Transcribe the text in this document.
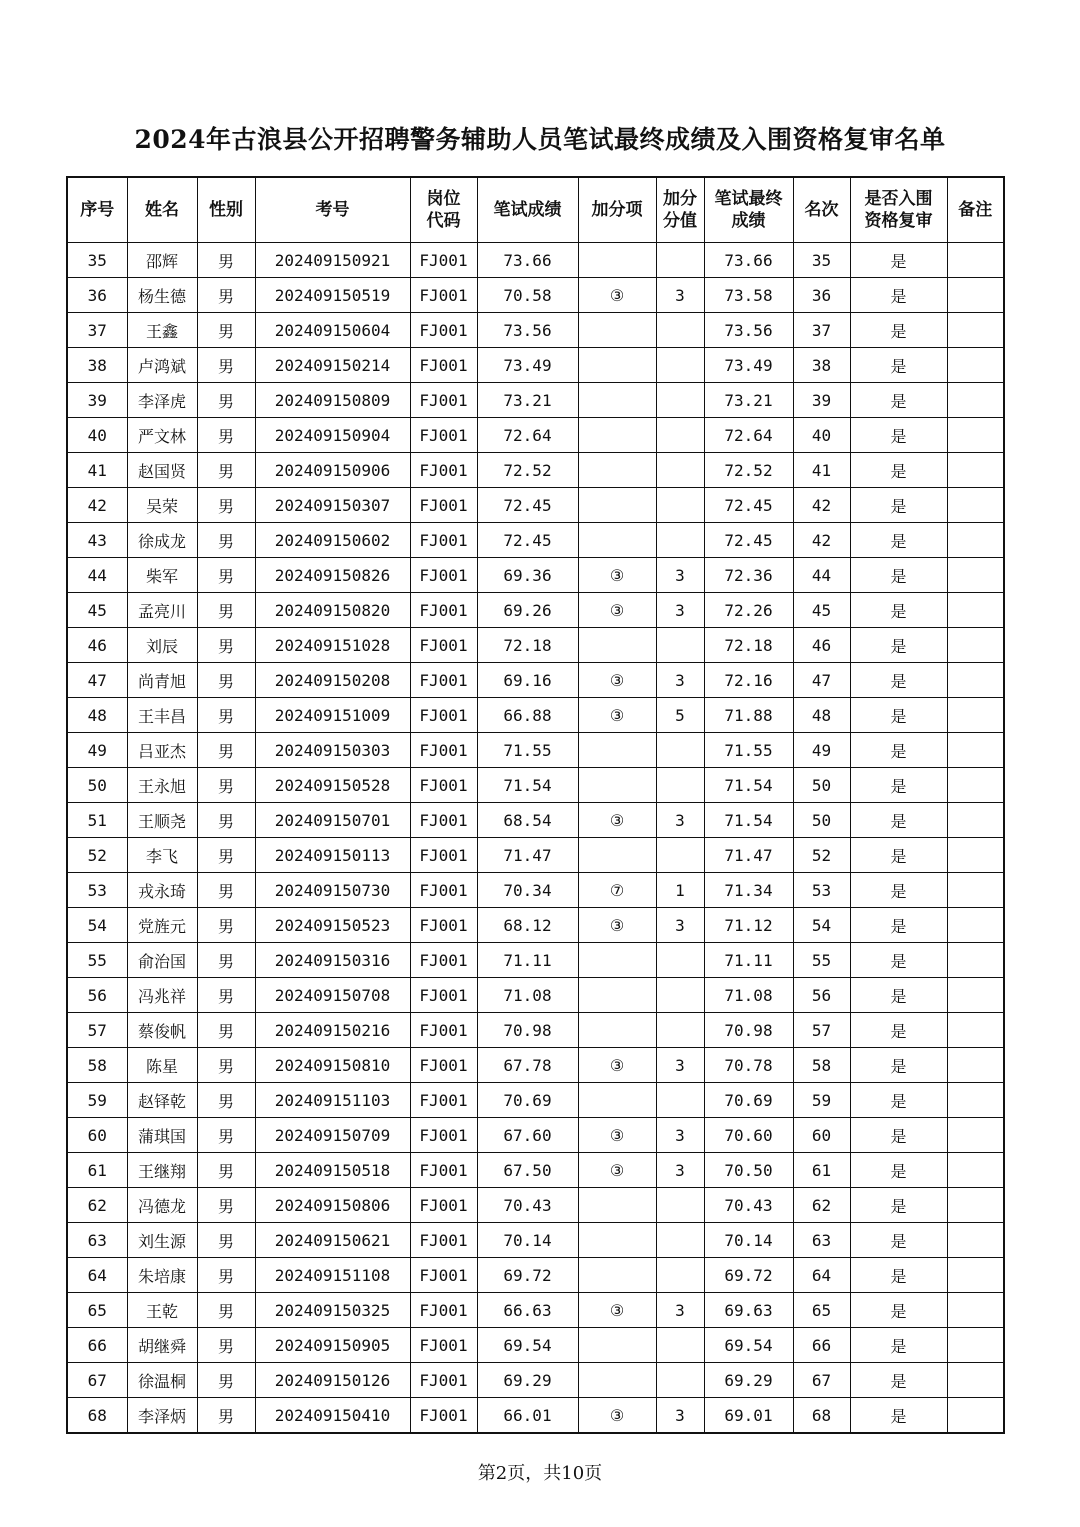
2024年古浪县公开招聘警务辅助人员笔试最终成绩及入围资格复审名单
序号	姓名	性别	考号	岗位代码	笔试成绩	加分项	加分分值	笔试最终成绩	名次	是否入围资格复审	备注
35	邵辉	男	202409150921	FJ001	73.66			73.66	35	是	
36	杨生德	男	202409150519	FJ001	70.58	③	3	73.58	36	是	
37	王鑫	男	202409150604	FJ001	73.56			73.56	37	是	
38	卢鸿斌	男	202409150214	FJ001	73.49			73.49	38	是	
39	李泽虎	男	202409150809	FJ001	73.21			73.21	39	是	
40	严文林	男	202409150904	FJ001	72.64			72.64	40	是	
41	赵国贤	男	202409150906	FJ001	72.52			72.52	41	是	
42	吴荣	男	202409150307	FJ001	72.45			72.45	42	是	
43	徐成龙	男	202409150602	FJ001	72.45			72.45	42	是	
44	柴军	男	202409150826	FJ001	69.36	③	3	72.36	44	是	
45	孟亮川	男	202409150820	FJ001	69.26	③	3	72.26	45	是	
46	刘辰	男	202409151028	FJ001	72.18			72.18	46	是	
47	尚青旭	男	202409150208	FJ001	69.16	③	3	72.16	47	是	
48	王丰昌	男	202409151009	FJ001	66.88	③	5	71.88	48	是	
49	吕亚杰	男	202409150303	FJ001	71.55			71.55	49	是	
50	王永旭	男	202409150528	FJ001	71.54			71.54	50	是	
51	王顺尧	男	202409150701	FJ001	68.54	③	3	71.54	50	是	
52	李飞	男	202409150113	FJ001	71.47			71.47	52	是	
53	戎永琦	男	202409150730	FJ001	70.34	⑦	1	71.34	53	是	
54	党旌元	男	202409150523	FJ001	68.12	③	3	71.12	54	是	
55	俞治国	男	202409150316	FJ001	71.11			71.11	55	是	
56	冯兆祥	男	202409150708	FJ001	71.08			71.08	56	是	
57	蔡俊帆	男	202409150216	FJ001	70.98			70.98	57	是	
58	陈星	男	202409150810	FJ001	67.78	③	3	70.78	58	是	
59	赵铎乾	男	202409151103	FJ001	70.69			70.69	59	是	
60	蒲琪国	男	202409150709	FJ001	67.60	③	3	70.60	60	是	
61	王继翔	男	202409150518	FJ001	67.50	③	3	70.50	61	是	
62	冯德龙	男	202409150806	FJ001	70.43			70.43	62	是	
63	刘生源	男	202409150621	FJ001	70.14			70.14	63	是	
64	朱培康	男	202409151108	FJ001	69.72			69.72	64	是	
65	王乾	男	202409150325	FJ001	66.63	③	3	69.63	65	是	
66	胡继舜	男	202409150905	FJ001	69.54			69.54	66	是	
67	徐温桐	男	202409150126	FJ001	69.29			69.29	67	是	
68	李泽炳	男	202409150410	FJ001	66.01	③	3	69.01	68	是	
第2页，共10页
